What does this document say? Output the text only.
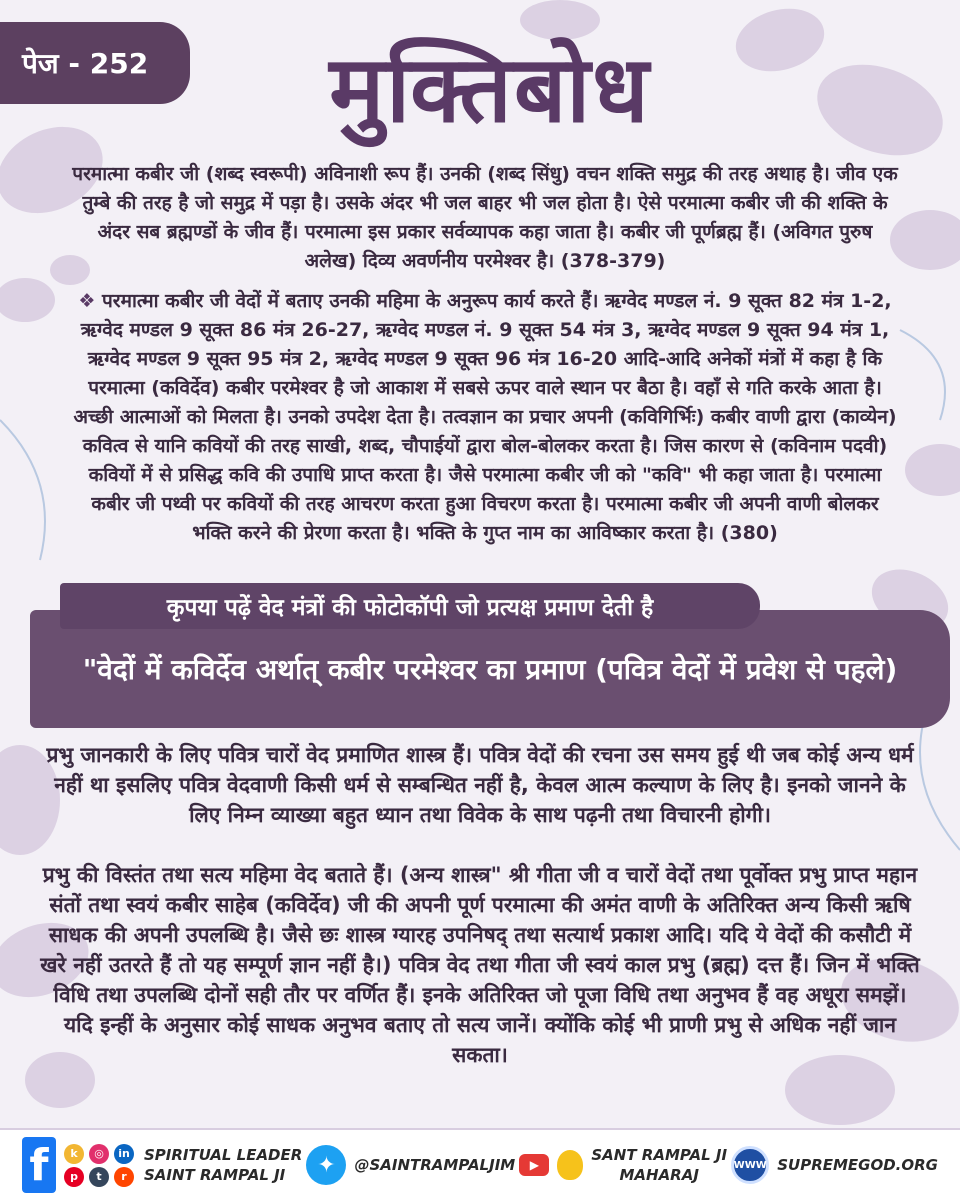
पेज - 252	मुक्तिबोध
परमात्मा कबीर जी (शब्द स्वरूपी) अविनाशी रूप हैं। उनकी (शब्द सिंधु) वचन शक्ति समुद्र की तरह अथाह है। जीव एक तुम्बे की तरह है जो समुद्र में पड़ा है। उसके अंदर भी जल बाहर भी जल होता है। ऐसे परमात्मा कबीर जी की शक्ति के अंदर सब ब्रह्मण्डों के जीव हैं। परमात्मा इस प्रकार सर्वव्यापक कहा जाता है। कबीर जी पूर्णब्रह्म हैं। (अविगत पुरुष अलेख) दिव्य अवर्णनीय परमेश्वर है। (378-379)
❖ परमात्मा कबीर जी वेदों में बताए उनकी महिमा के अनुरूप कार्य करते हैं। ऋग्वेद मण्डल नं. 9 सूक्त 82 मंत्र 1-2, ऋग्वेद मण्डल 9 सूक्त 86 मंत्र 26-27, ऋग्वेद मण्डल नं. 9 सूक्त 54 मंत्र 3, ऋग्वेद मण्डल 9 सूक्त 94 मंत्र 1, ऋग्वेद मण्डल 9 सूक्त 95 मंत्र 2, ऋग्वेद मण्डल 9 सूक्त 96 मंत्र 16-20 आदि-आदि अनेकों मंत्रों में कहा है कि परमात्मा (कविर्देव) कबीर परमेश्वर है जो आकाश में सबसे ऊपर वाले स्थान पर बैठा है। वहाँ से गति करके आता है। अच्छी आत्माओं को मिलता है। उनको उपदेश देता है। तत्वज्ञान का प्रचार अपनी (कविगिर्भिः) कबीर वाणी द्वारा (काव्येन) कवित्व से यानि कवियों की तरह साखी, शब्द, चौपाईयों द्वारा बोल-बोलकर करता है। जिस कारण से (कविनाम पदवी) कवियों में से प्रसिद्ध कवि की उपाधि प्राप्त करता है। जैसे परमात्मा कबीर जी को "कवि" भी कहा जाता है। परमात्मा कबीर जी पथ्वी पर कवियों की तरह आचरण करता हुआ विचरण करता है। परमात्मा कबीर जी अपनी वाणी बोलकर भक्ति करने की प्रेरणा करता है। भक्ति के गुप्त नाम का आविष्कार करता है। (380)
कृपया पढ़ें वेद मंत्रों की फोटोकॉपी जो प्रत्यक्ष प्रमाण देती है
"वेदों में कविर्देव अर्थात् कबीर परमेश्वर का प्रमाण (पवित्र वेदों में प्रवेश से पहले)
प्रभु जानकारी के लिए पवित्र चारों वेद प्रमाणित शास्त्र हैं। पवित्र वेदों की रचना उस समय हुई थी जब कोई अन्य धर्म नहीं था इसलिए पवित्र वेदवाणी किसी धर्म से सम्बन्धित नहीं है, केवल आत्म कल्याण के लिए है। इनको जानने के लिए निम्न व्याख्या बहुत ध्यान तथा विवेक के साथ पढ़नी तथा विचारनी होगी।
प्रभु की विस्तंत तथा सत्य महिमा वेद बताते हैं। (अन्य शास्त्र" श्री गीता जी व चारों वेदों तथा पूर्वोक्त प्रभु प्राप्त महान संतों तथा स्वयं कबीर साहेब (कविर्देव) जी की अपनी पूर्ण परमात्मा की अमंत वाणी के अतिरिक्त अन्य किसी ऋषि साधक की अपनी उपलब्धि है। जैसे छः शास्त्र ग्यारह उपनिषद् तथा सत्यार्थ प्रकाश आदि। यदि ये वेदों की कसौटी में खरे नहीं उतरते हैं तो यह सम्पूर्ण ज्ञान नहीं है।) पवित्र वेद तथा गीता जी स्वयं काल प्रभु (ब्रह्म) दत्त हैं। जिन में भक्ति विधि तथा उपलब्धि दोनों सही तौर पर वर्णित हैं। इनके अतिरिक्त जो पूजा विधि तथा अनुभव हैं वह अधूरा समझें। यदि इन्हीं के अनुसार कोई साधक अनुभव बताए तो सत्य जानें। क्योंकि कोई भी प्राणी प्रभु से अधिक नहीं जान सकता।
f	k	◎	in
p	t	r
SPIRITUAL LEADER
SAINT RAMPAL JI	✦	@SAINTRAMPALJIM	▶
SANT RAMPAL JI
MAHARAJ
WWW SUPREMEGOD.ORG
